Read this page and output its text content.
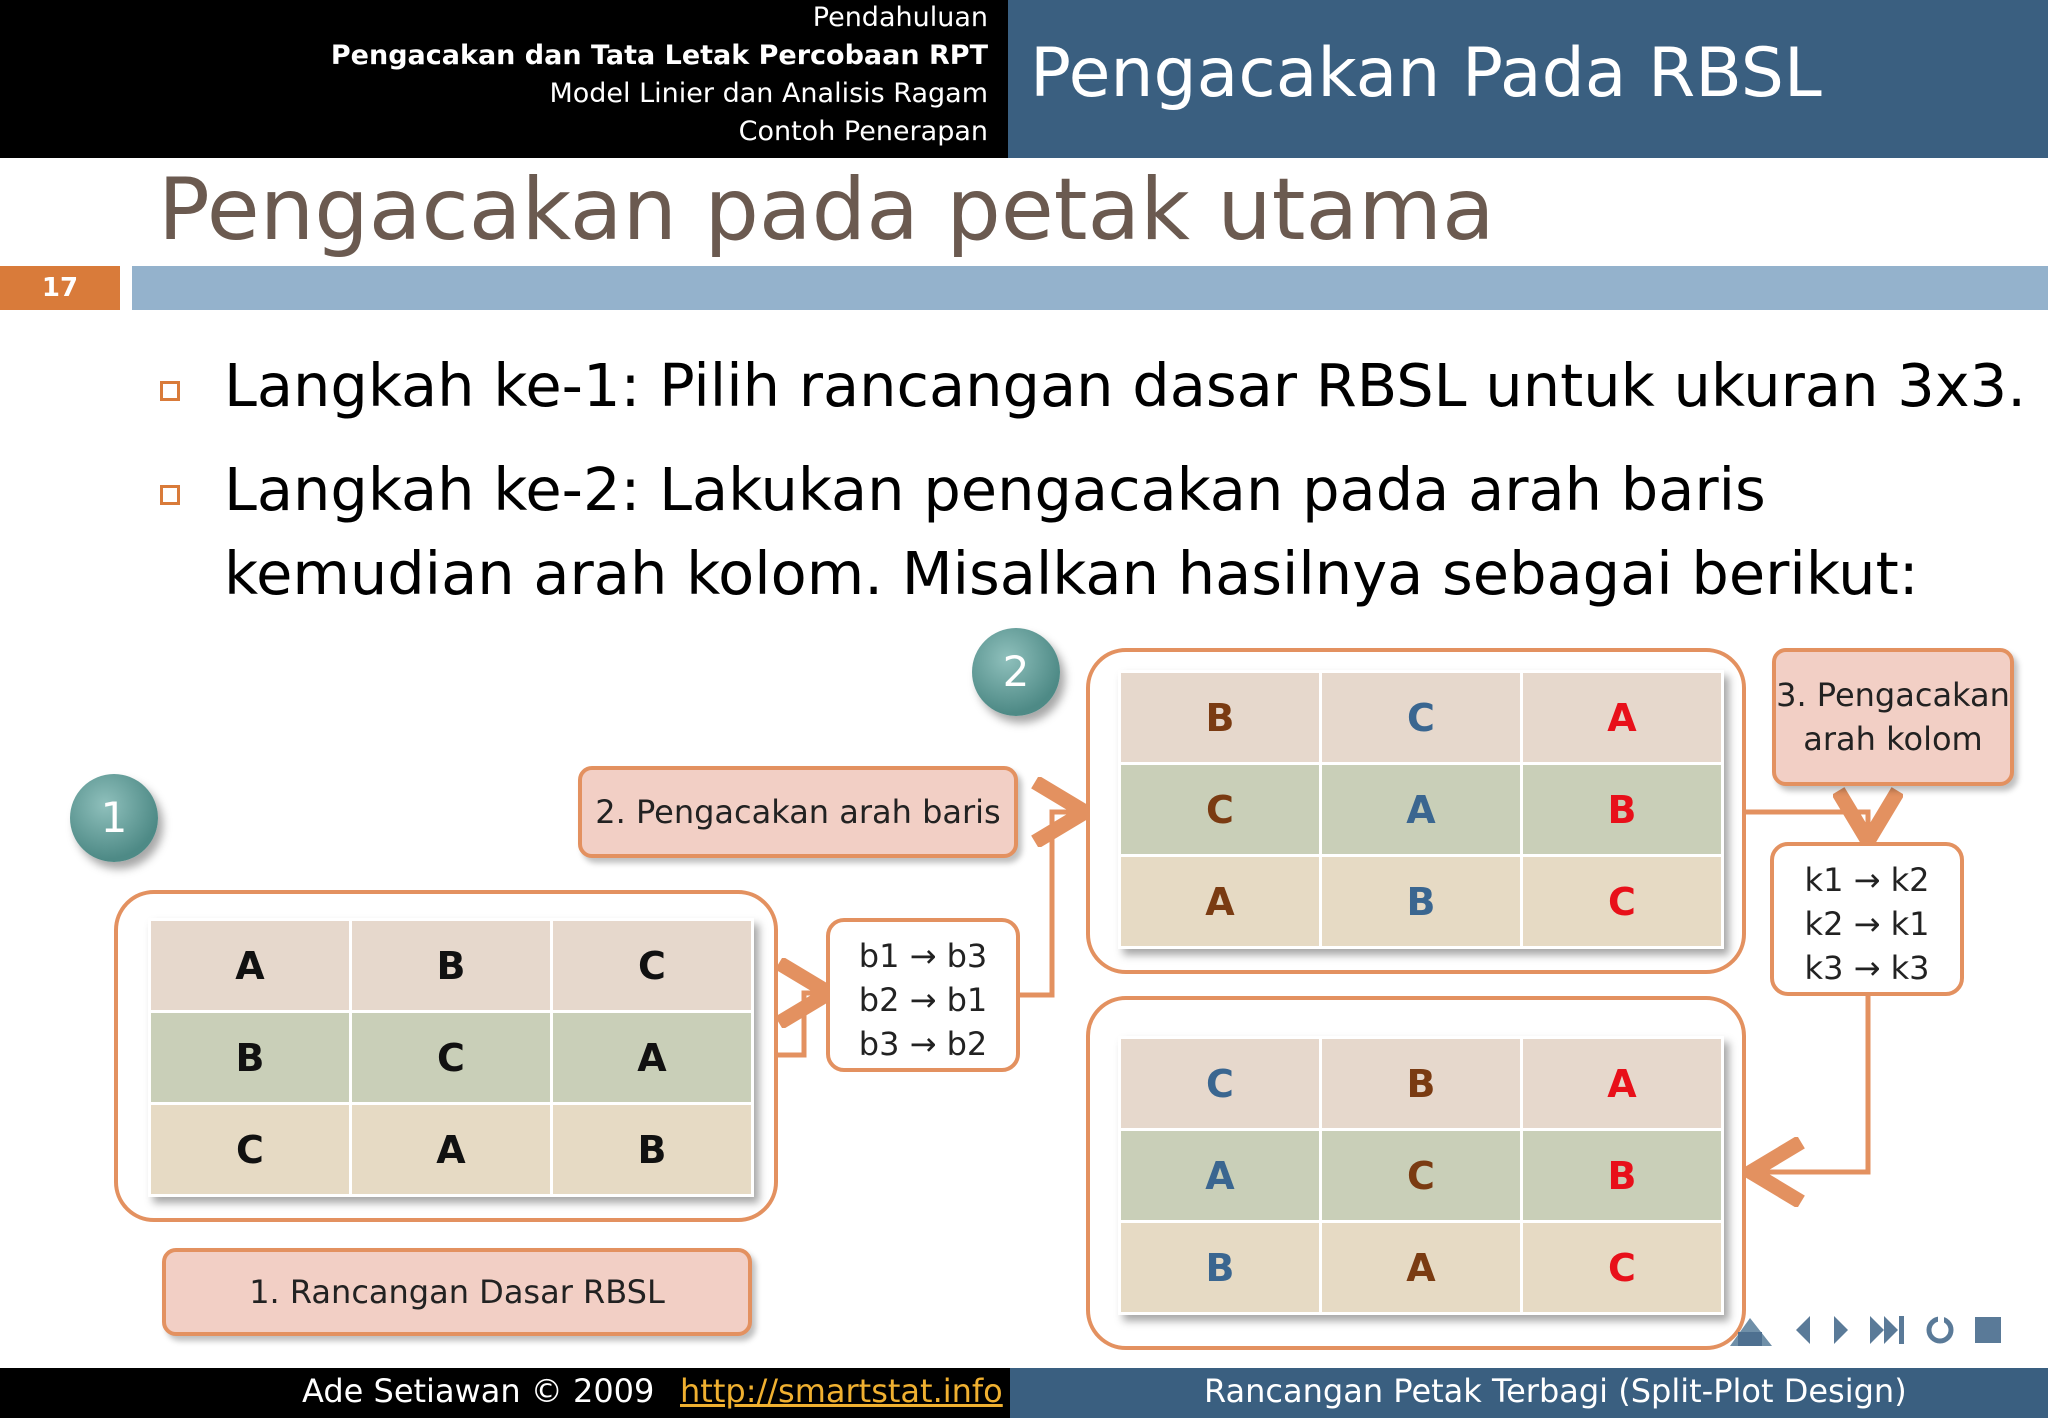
Pendahuluan
Pengacakan dan Tata Letak Percobaan RPT
Model Linier dan Analisis Ragam
Contoh Penerapan
Pengacakan Pada RBSL
Pengacakan pada petak utama
17
Langkah ke-1: Pilih rancangan dasar RBSL untuk ukuran 3x3.
Langkah ke-2: Lakukan pengacakan pada arah baris
kemudian arah kolom. Misalkan hasilnya sebagai berikut:
1
2
A	B	C
B	C	A
C	A	B
1. Rancangan Dasar RBSL
2. Pengacakan arah baris
b1 → b3
b2 → b1
b3 → b2
B	C	A
C	A	B
A	B	C
3. Pengacakan arah kolom
k1 → k2
k2 → k1
k3 → k3
C	B	A
A	C	B
B	A	C
Ade Setiawan © 2009 http://smartstat.info	Rancangan Petak Terbagi (Split-Plot Design)
